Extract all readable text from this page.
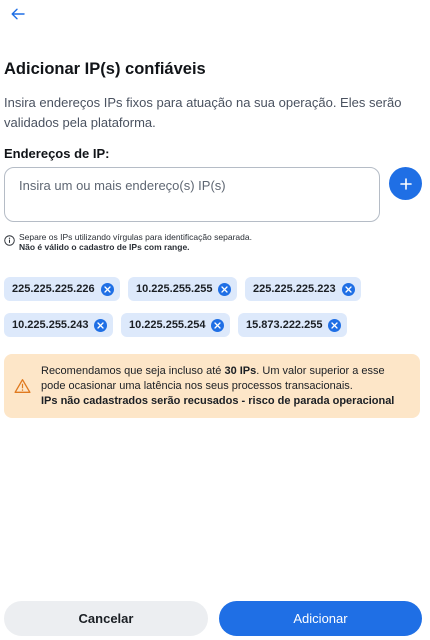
Adicionar IP(s) confiáveis

Insira endereços IPs fixos para atuação na sua operação. Eles serão validados pela plataforma.

Endereços de IP:
Insira um ou mais endereço(s) IP(s)
Separe os IPs utilizando vírgulas para identificação separada.
Não é válido o cadastro de IPs com range.
225.225.225.226	10.225.255.255	225.225.225.223
10.225.255.243	10.225.255.254	15.873.222.255
Recomendamos que seja incluso até 30 IPs. Um valor superior a esse pode ocasionar uma latência nos seus processos transacionais.
IPs não cadastrados serão recusados - risco de parada operacional
Cancelar	Adicionar
